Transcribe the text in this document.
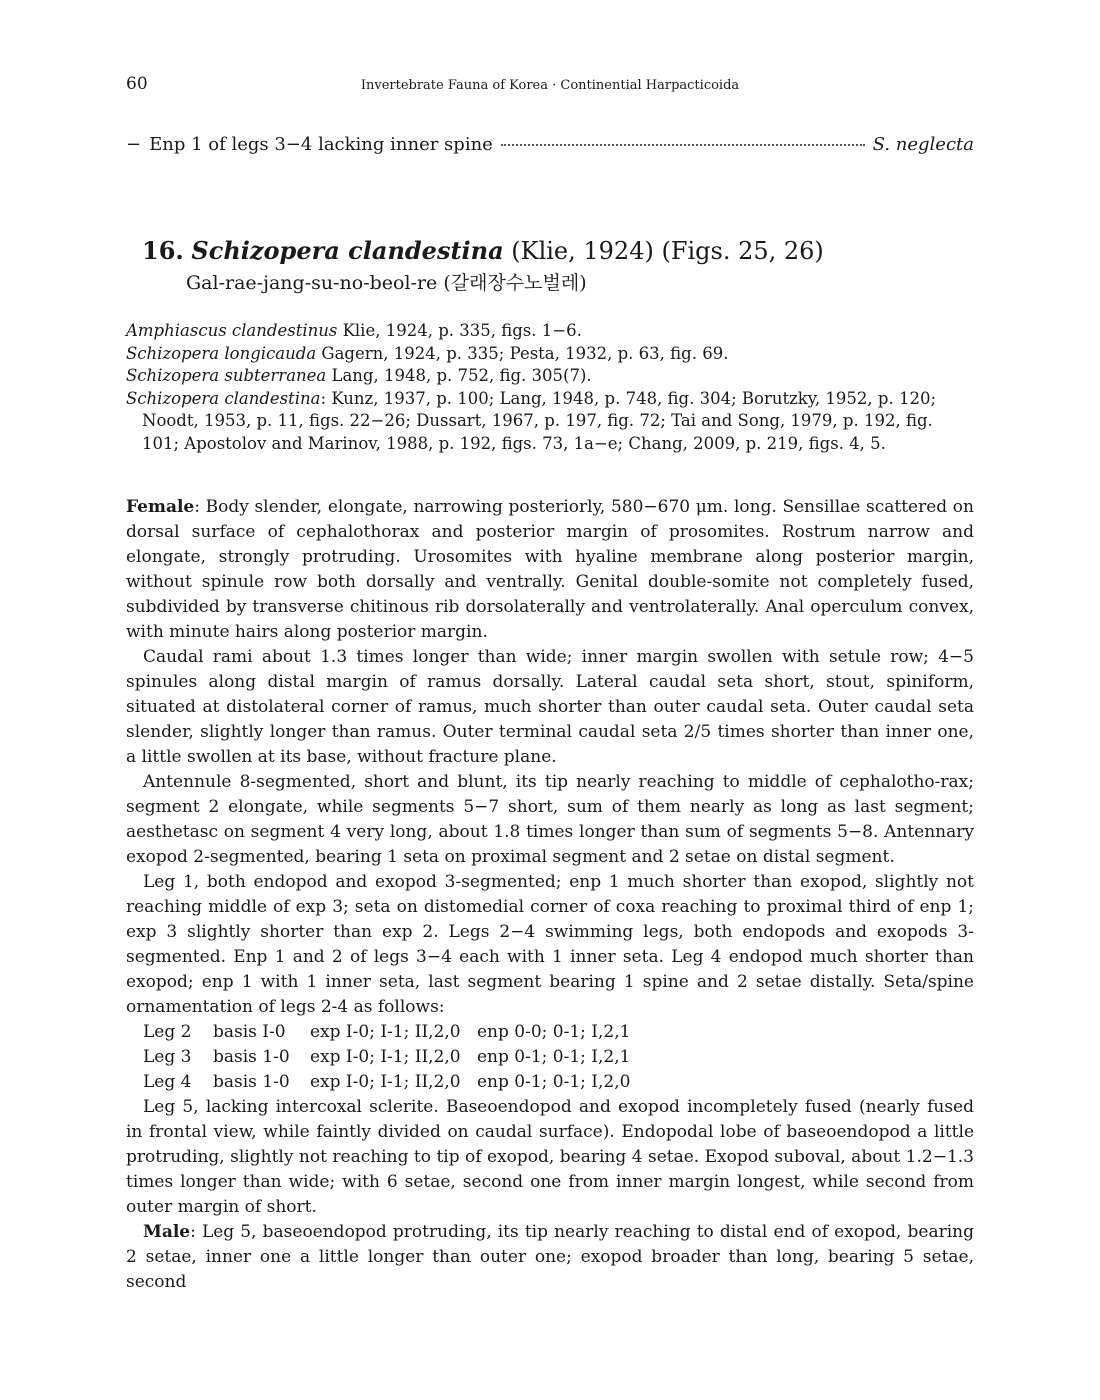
60	Invertebrate Fauna of Korea · Continential Harpacticoida
− Enp 1 of legs 3−4 lacking inner spine	S. neglecta
16. Schizopera clandestina (Klie, 1924) (Figs. 25, 26)
Gal-rae-jang-su-no-beol-re (갈래장수노벌레)
Amphiascus clandestinus Klie, 1924, p. 335, figs. 1−6.
Schizopera longicauda Gagern, 1924, p. 335; Pesta, 1932, p. 63, fig. 69.
Schizopera subterranea Lang, 1948, p. 752, fig. 305(7).
Schizopera clandestina: Kunz, 1937, p. 100; Lang, 1948, p. 748, fig. 304; Borutzky, 1952, p. 120; Noodt, 1953, p. 11, figs. 22−26; Dussart, 1967, p. 197, fig. 72; Tai and Song, 1979, p. 192, fig. 101; Apostolov and Marinov, 1988, p. 192, figs. 73, 1a−e; Chang, 2009, p. 219, figs. 4, 5.

Female: Body slender, elongate, narrowing posteriorly, 580−670 μm. long. Sensillae scattered on dorsal surface of cephalothorax and posterior margin of prosomites. Rostrum narrow and elongate, strongly protruding. Urosomites with hyaline membrane along posterior margin, without spinule row both dorsally and ventrally. Genital double-somite not completely fused, subdivided by transverse chitinous rib dorsolaterally and ventrolaterally. Anal operculum convex, with minute hairs along posterior margin.

Caudal rami about 1.3 times longer than wide; inner margin swollen with setule row; 4−5 spinules along distal margin of ramus dorsally. Lateral caudal seta short, stout, spiniform, situated at distolateral corner of ramus, much shorter than outer caudal seta. Outer caudal seta slender, slightly longer than ramus. Outer terminal caudal seta 2/5 times shorter than inner one, a little swollen at its base, without fracture plane.

Antennule 8-segmented, short and blunt, its tip nearly reaching to middle of cephalotho-rax; segment 2 elongate, while segments 5−7 short, sum of them nearly as long as last segment; aesthetasc on segment 4 very long, about 1.8 times longer than sum of segments 5−8. Antennary exopod 2-segmented, bearing 1 seta on proximal segment and 2 setae on distal segment.

Leg 1, both endopod and exopod 3-segmented; enp 1 much shorter than exopod, slightly not reaching middle of exp 3; seta on distomedial corner of coxa reaching to proximal third of enp 1; exp 3 slightly shorter than exp 2. Legs 2−4 swimming legs, both endopods and exopods 3-segmented. Enp 1 and 2 of legs 3−4 each with 1 inner seta. Leg 4 endopod much shorter than exopod; enp 1 with 1 inner seta, last segment bearing 1 spine and 2 setae distally. Seta/spine ornamentation of legs 2-4 as follows:

Leg 2	basis I-0	exp I-0; I-1; II,2,0 enp 0-0; 0-1; I,2,1
Leg 3	basis 1-0	exp I-0; I-1; II,2,0 enp 0-1; 0-1; I,2,1
Leg 4	basis 1-0	exp I-0; I-1; II,2,0 enp 0-1; 0-1; I,2,0

Leg 5, lacking intercoxal sclerite. Baseoendopod and exopod incompletely fused (nearly fused in frontal view, while faintly divided on caudal surface). Endopodal lobe of baseoendopod a little protruding, slightly not reaching to tip of exopod, bearing 4 setae. Exopod suboval, about 1.2−1.3 times longer than wide; with 6 setae, second one from inner margin longest, while second from outer margin of short.

Male: Leg 5, baseoendopod protruding, its tip nearly reaching to distal end of exopod, bearing 2 setae, inner one a little longer than outer one; exopod broader than long, bearing 5 setae, second
